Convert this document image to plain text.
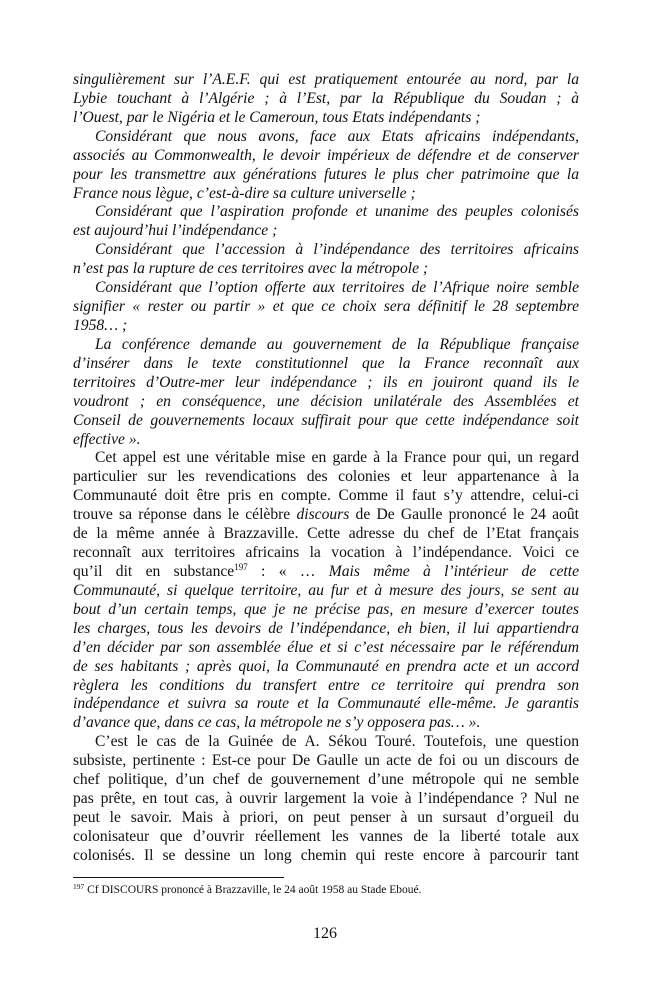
singulièrement sur l’A.E.F. qui est pratiquement entourée au nord, par la
Lybie touchant à l’Algérie ; à l’Est, par la République du Soudan ; à
l’Ouest, par le Nigéria et le Cameroun, tous Etats indépendants ;
Considérant que nous avons, face aux Etats africains indépendants,
associés au Commonwealth, le devoir impérieux de défendre et de conserver
pour les transmettre aux générations futures le plus cher patrimoine que la
France nous lègue, c’est-à-dire sa culture universelle ;
Considérant que l’aspiration profonde et unanime des peuples colonisés
est aujourd’hui l’indépendance ;
Considérant que l’accession à l’indépendance des territoires africains
n’est pas la rupture de ces territoires avec la métropole ;
Considérant que l’option offerte aux territoires de l’Afrique noire semble
signifier « rester ou partir » et que ce choix sera définitif le 28 septembre
1958… ;
La conférence demande au gouvernement de la République française
d’insérer dans le texte constitutionnel que la France reconnaît aux
territoires d’Outre-mer leur indépendance ; ils en jouiront quand ils le
voudront ; en conséquence, une décision unilatérale des Assemblées et
Conseil de gouvernements locaux suffirait pour que cette indépendance soit
effective ».
Cet appel est une véritable mise en garde à la France pour qui, un regard
particulier sur les revendications des colonies et leur appartenance à la
Communauté doit être pris en compte. Comme il faut s’y attendre, celui-ci
trouve sa réponse dans le célèbre discours de De Gaulle prononcé le 24 août
de la même année à Brazzaville. Cette adresse du chef de l’Etat français
reconnaît aux territoires africains la vocation à l’indépendance. Voici ce
qu’il dit en substance$^{197}$ : « … Mais même à l’intérieur de cette
Communauté, si quelque territoire, au fur et à mesure des jours, se sent au
bout d’un certain temps, que je ne précise pas, en mesure d’exercer toutes
les charges, tous les devoirs de l’indépendance, eh bien, il lui appartiendra
d’en décider par son assemblée élue et si c’est nécessaire par le référendum
de ses habitants ; après quoi, la Communauté en prendra acte et un accord
règlera les conditions du transfert entre ce territoire qui prendra son
indépendance et suivra sa route et la Communauté elle-même. Je garantis
d’avance que, dans ce cas, la métropole ne s’y opposera pas… ».
C’est le cas de la Guinée de A. Sékou Touré. Toutefois, une question
subsiste, pertinente : Est-ce pour De Gaulle un acte de foi ou un discours de
chef politique, d’un chef de gouvernement d’une métropole qui ne semble
pas prête, en tout cas, à ouvrir largement la voie à l’indépendance ? Nul ne
peut le savoir. Mais à priori, on peut penser à un sursaut d’orgueil du
colonisateur que d’ouvrir réellement les vannes de la liberté totale aux
colonisés. Il se dessine un long chemin qui reste encore à parcourir tant
$^{197}$ Cf DISCOURS prononcé à Brazzaville, le 24 août 1958 au Stade Eboué.
126
